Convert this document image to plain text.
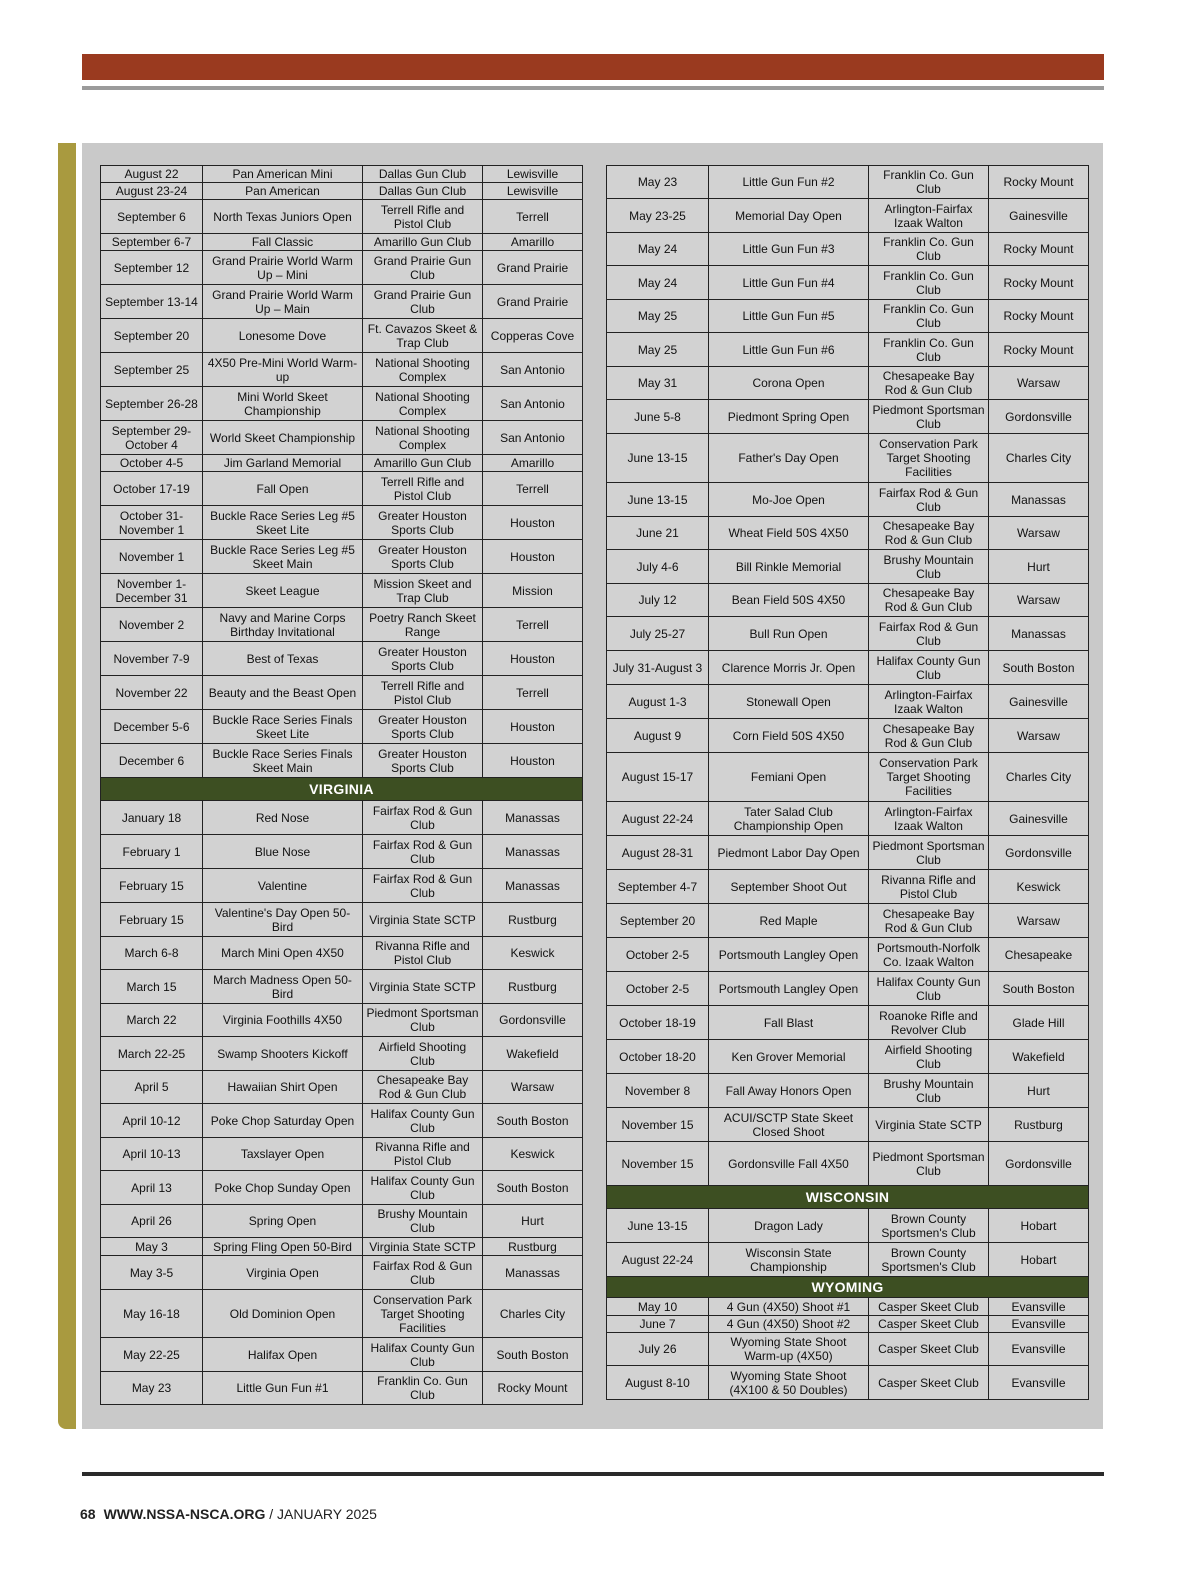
August 22	Pan American Mini	Dallas Gun Club	Lewisville
August 23-24	Pan American	Dallas Gun Club	Lewisville
September 6	North Texas Juniors Open	Terrell Rifle and Pistol Club	Terrell
September 6-7	Fall Classic	Amarillo Gun Club	Amarillo
September 12	Grand Prairie World Warm Up – Mini	Grand Prairie Gun Club	Grand Prairie
September 13-14	Grand Prairie World Warm Up – Main	Grand Prairie Gun Club	Grand Prairie
September 20	Lonesome Dove	Ft. Cavazos Skeet & Trap Club	Copperas Cove
September 25	4X50 Pre-Mini World Warm-up	National Shooting Complex	San Antonio
September 26-28	Mini World Skeet Championship	National Shooting Complex	San Antonio
September 29-October 4	World Skeet Championship	National Shooting Complex	San Antonio
October 4-5	Jim Garland Memorial	Amarillo Gun Club	Amarillo
October 17-19	Fall Open	Terrell Rifle and Pistol Club	Terrell
October 31-November 1	Buckle Race Series Leg #5 Skeet Lite	Greater Houston Sports Club	Houston
November 1	Buckle Race Series Leg #5 Skeet Main	Greater Houston Sports Club	Houston
November 1-December 31	Skeet League	Mission Skeet and Trap Club	Mission
November 2	Navy and Marine Corps Birthday Invitational	Poetry Ranch Skeet Range	Terrell
November 7-9	Best of Texas	Greater Houston Sports Club	Houston
November 22	Beauty and the Beast Open	Terrell Rifle and Pistol Club	Terrell
December 5-6	Buckle Race Series Finals Skeet Lite	Greater Houston Sports Club	Houston
December 6	Buckle Race Series Finals Skeet Main	Greater Houston Sports Club	Houston
VIRGINIA			
January 18	Red Nose	Fairfax Rod & Gun Club	Manassas
February 1	Blue Nose	Fairfax Rod & Gun Club	Manassas
February 15	Valentine	Fairfax Rod & Gun Club	Manassas
February 15	Valentine's Day Open 50-Bird	Virginia State SCTP	Rustburg
March 6-8	March Mini Open 4X50	Rivanna Rifle and Pistol Club	Keswick
March 15	March Madness Open 50-Bird	Virginia State SCTP	Rustburg
March 22	Virginia Foothills 4X50	Piedmont Sportsman Club	Gordonsville
March 22-25	Swamp Shooters Kickoff	Airfield Shooting Club	Wakefield
April 5	Hawaiian Shirt Open	Chesapeake Bay Rod & Gun Club	Warsaw
April 10-12	Poke Chop Saturday Open	Halifax County Gun Club	South Boston
April 10-13	Taxslayer Open	Rivanna Rifle and Pistol Club	Keswick
April 13	Poke Chop Sunday Open	Halifax County Gun Club	South Boston
April 26	Spring Open	Brushy Mountain Club	Hurt
May 3	Spring Fling Open 50-Bird	Virginia State SCTP	Rustburg
May 3-5	Virginia Open	Fairfax Rod & Gun Club	Manassas
May 16-18	Old Dominion Open	Conservation Park Target Shooting Facilities	Charles City
May 22-25	Halifax Open	Halifax County Gun Club	South Boston
May 23	Little Gun Fun #1	Franklin Co. Gun Club	Rocky Mount
May 23	Little Gun Fun #2	Franklin Co. Gun Club	Rocky Mount
May 23-25	Memorial Day Open	Arlington-Fairfax Izaak Walton	Gainesville
May 24	Little Gun Fun #3	Franklin Co. Gun Club	Rocky Mount
May 24	Little Gun Fun #4	Franklin Co. Gun Club	Rocky Mount
May 25	Little Gun Fun #5	Franklin Co. Gun Club	Rocky Mount
May 25	Little Gun Fun #6	Franklin Co. Gun Club	Rocky Mount
May 31	Corona Open	Chesapeake Bay Rod & Gun Club	Warsaw
June 5-8	Piedmont Spring Open	Piedmont Sportsman Club	Gordonsville
June 13-15	Father's Day Open	Conservation Park Target Shooting Facilities	Charles City
June 13-15	Mo-Joe Open	Fairfax Rod & Gun Club	Manassas
June 21	Wheat Field 50S 4X50	Chesapeake Bay Rod & Gun Club	Warsaw
July 4-6	Bill Rinkle Memorial	Brushy Mountain Club	Hurt
July 12	Bean Field 50S 4X50	Chesapeake Bay Rod & Gun Club	Warsaw
July 25-27	Bull Run Open	Fairfax Rod & Gun Club	Manassas
July 31-August 3	Clarence Morris Jr. Open	Halifax County Gun Club	South Boston
August 1-3	Stonewall Open	Arlington-Fairfax Izaak Walton	Gainesville
August 9	Corn Field 50S 4X50	Chesapeake Bay Rod & Gun Club	Warsaw
August 15-17	Femiani Open	Conservation Park Target Shooting Facilities	Charles City
August 22-24	Tater Salad Club Championship Open	Arlington-Fairfax Izaak Walton	Gainesville
August 28-31	Piedmont Labor Day Open	Piedmont Sportsman Club	Gordonsville
September 4-7	September Shoot Out	Rivanna Rifle and Pistol Club	Keswick
September 20	Red Maple	Chesapeake Bay Rod & Gun Club	Warsaw
October 2-5	Portsmouth Langley Open	Portsmouth-Norfolk Co. Izaak Walton	Chesapeake
October 2-5	Portsmouth Langley Open	Halifax County Gun Club	South Boston
October 18-19	Fall Blast	Roanoke Rifle and Revolver Club	Glade Hill
October 18-20	Ken Grover Memorial	Airfield Shooting Club	Wakefield
November 8	Fall Away Honors Open	Brushy Mountain Club	Hurt
November 15	ACUI/SCTP State Skeet Closed Shoot	Virginia State SCTP	Rustburg
November 15	Gordonsville Fall 4X50	Piedmont Sportsman Club	Gordonsville
WISCONSIN			
June 13-15	Dragon Lady	Brown County Sportsmen's Club	Hobart
August 22-24	Wisconsin State Championship	Brown County Sportsmen's Club	Hobart
WYOMING			
May 10	4 Gun (4X50) Shoot #1	Casper Skeet Club	Evansville
June 7	4 Gun (4X50) Shoot #2	Casper Skeet Club	Evansville
July 26	Wyoming State Shoot Warm-up (4X50)	Casper Skeet Club	Evansville
August 8-10	Wyoming State Shoot (4X100 & 50 Doubles)	Casper Skeet Club	Evansville
68 WWW.NSSA-NSCA.ORG / JANUARY 2025
